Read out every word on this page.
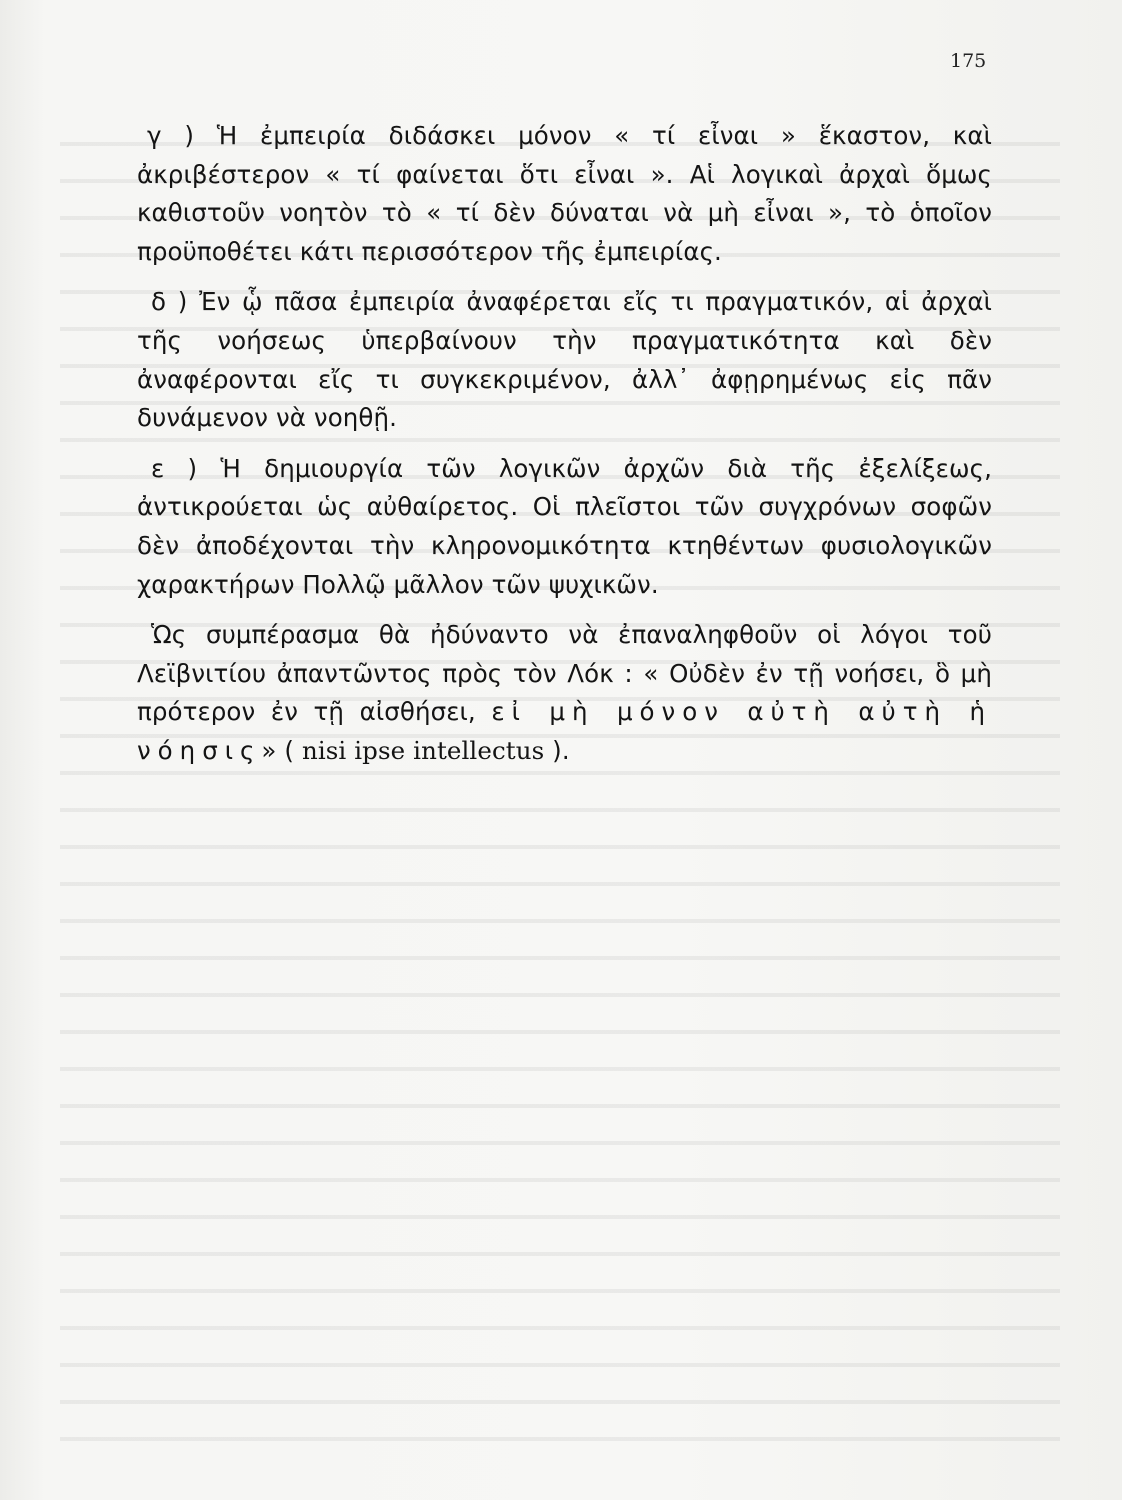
175

γ ) Ἡ ἐμπειρία διδάσκει μόνον « τί εἶναι » ἕκαστον, καὶ ἀκριβέστερον « τί φαίνεται ὅτι εἶναι ». Αἱ λογικαὶ ἀρχαὶ ὅμως καθιστοῦν νοητὸν τὸ « τί δὲν δύναται νὰ μὴ εἶναι », τὸ ὁποῖον προϋποθέτει κάτι περισσότερον τῆς ἐμπειρίας.

δ ) Ἐν ᾧ πᾶσα ἐμπειρία ἀναφέρεται εἴς τι πραγματικόν, αἱ ἀρχαὶ τῆς νοήσεως ὑπερβαίνουν τὴν πραγματικότητα καὶ δὲν ἀναφέρονται εἴς τι συγκεκριμένον, ἀλλ᾽ ἀφῃρημένως εἰς πᾶν δυνάμενον νὰ νοηθῇ.

ε ) Ἡ δημιουργία τῶν λογικῶν ἀρχῶν διὰ τῆς ἐξελίξεως, ἀντικρούεται ὡς αὐθαίρετος. Οἱ πλεῖστοι τῶν συγχρόνων σοφῶν δὲν ἀποδέχονται τὴν κληρονομικότητα κτηθέντων φυσιολογικῶν χαρακτήρων Πολλῷ μᾶλλον τῶν ψυχικῶν.

Ὡς συμπέρασμα θὰ ἠδύναντο νὰ ἐπαναληφθοῦν οἱ λόγοι τοῦ Λεϊβνιτίου ἀπαντῶντος πρὸς τὸν Λόκ : « Οὐδὲν ἐν τῇ νοήσει, ὃ μὴ πρότερον ἐν τῇ αἰσθήσει, εἰ μὴ μόνον αὐτὴ αὐτὴ ἡ νόησις» ( nisi ipse intellectus ).
